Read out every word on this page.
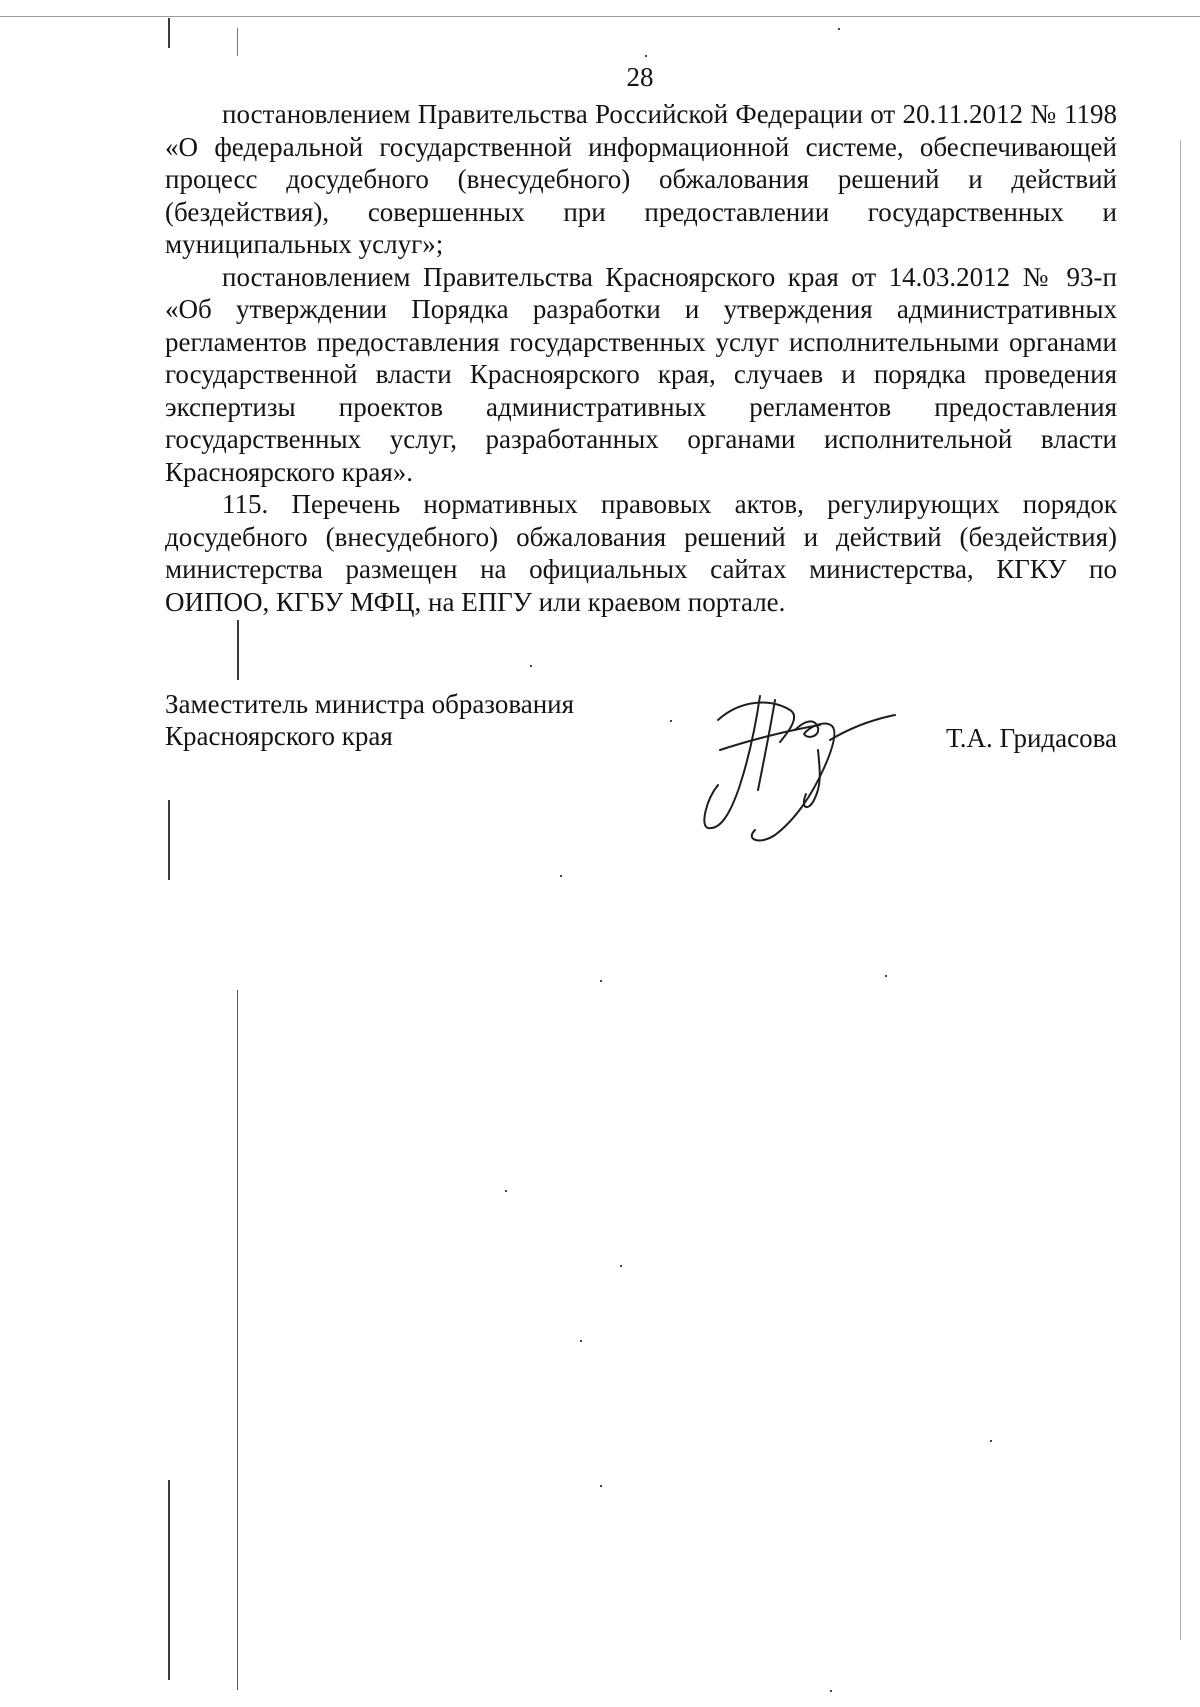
28

постановлением Правительства Российской Федерации от 20.11.2012 № 1198 «О федеральной государственной информационной системе, обеспечивающей процесс досудебного (внесудебного) обжалования решений и действий (бездействия), совершенных при предоставлении государственных и муниципальных услуг»;

постановлением Правительства Красноярского края от 14.03.2012 № 93-п «Об утверждении Порядка разработки и утверждения административных регламентов предоставления государственных услуг исполнительными органами государственной власти Красноярского края, случаев и порядка проведения экспертизы проектов административных регламентов предоставления государственных услуг, разработанных органами исполнительной власти Красноярского края».

115. Перечень нормативных правовых актов, регулирующих порядок досудебного (внесудебного) обжалования решений и действий (бездействия) министерства размещен на официальных сайтах министерства, КГКУ по ОИПОО, КГБУ МФЦ, на ЕПГУ или краевом портале.

Заместитель министра образования
Красноярского края	Т.А. Гридасова
